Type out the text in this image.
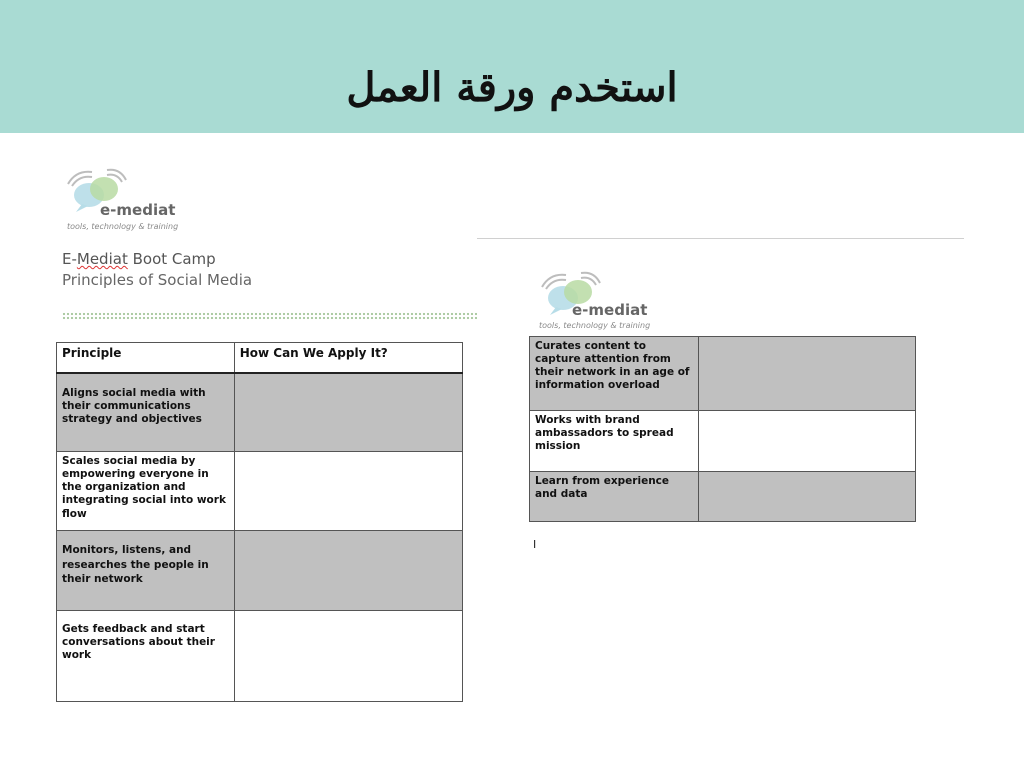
استخدم ورقة العمل
e-mediat
tools, technology & training
E-Mediat Boot Camp
Principles of Social Media
Principle	How Can We Apply It?
Aligns social media with their communications strategy and objectives	
Scales social media by empowering everyone in the organization and integrating social into work flow	
Monitors, listens, and researches the people in their network	
Gets feedback and start conversations about their work	
e-mediat
tools, technology & training
Curates content to capture attention from their network in an age of information overload	
Works with brand ambassadors to spread mission	
Learn from experience and data	
I
